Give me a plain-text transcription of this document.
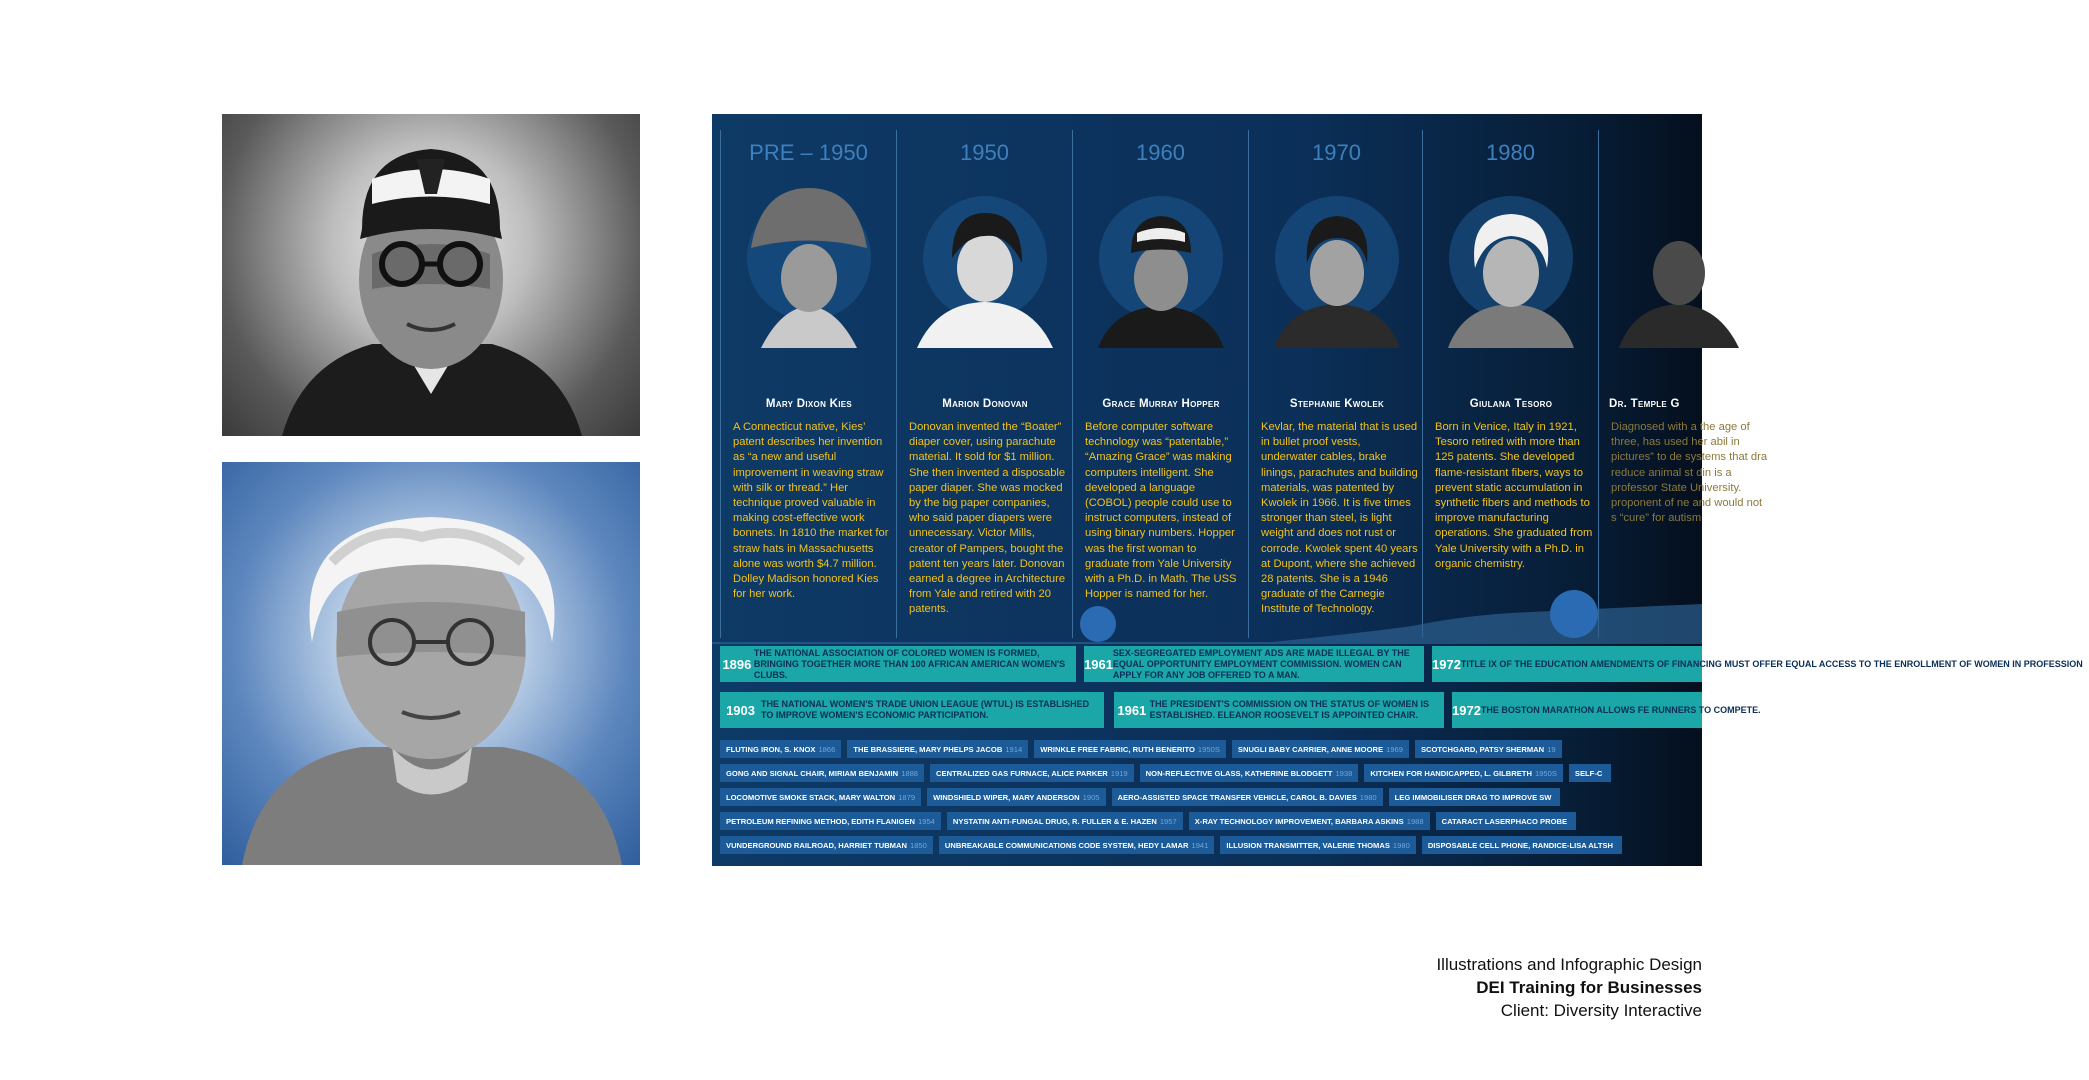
PRE – 1950
Mary Dixon Kies
A Connecticut native, Kies’ patent describes her invention as “a new and useful improvement in weaving straw with silk or thread.” Her technique proved valuable in making cost-effective work bonnets. In 1810 the market for straw hats in Massachusetts alone was worth $4.7 million. Dolley Madison honored Kies for her work.
1950
Marion Donovan
Donovan invented the “Boater” diaper cover, using parachute material. It sold for $1 million. She then invented a disposable paper diaper. She was mocked by the big paper companies, who said paper diapers were unnecessary. Victor Mills, creator of Pampers, bought the patent ten years later. Donovan earned a degree in Architecture from Yale and retired with 20 patents.
1960
Grace Murray Hopper
Before computer software technology was “patentable,” “Amazing Grace” was making computers intelligent. She developed a language (COBOL) people could use to instruct computers, instead of using binary numbers. Hopper was the first woman to graduate from Yale University with a Ph.D. in Math. The USS Hopper is named for her.
1970
Stephanie Kwolek
Kevlar, the material that is used in bullet proof vests, underwater cables, brake linings, parachutes and building materials, was patented by Kwolek in 1966. It is five times stronger than steel, is light weight and does not rust or corrode. Kwolek spent 40 years at Dupont, where she achieved 28 patents. She is a 1946 graduate of the Carnegie Institute of Technology.
1980
Giulana Tesoro
Born in Venice, Italy in 1921, Tesoro retired with more than 125 patents. She developed flame-resistant fibers, ways to prevent static accumulation in synthetic fibers and methods to improve manufacturing operations. She graduated from Yale University with a Ph.D. in organic chemistry.
Dr. Temple G
Diagnosed with a the age of three, has used her abil in pictures” to de systems that dra reduce animal st din is a professor State University. proponent of ne and would not s “cure” for autism
1896
THE NATIONAL ASSOCIATION OF COLORED WOMEN IS FORMED, BRINGING TOGETHER MORE THAN 100 AFRICAN AMERICAN WOMEN'S CLUBS.
1961
SEX-SEGREGATED EMPLOYMENT ADS ARE MADE ILLEGAL BY THE EQUAL OPPORTUNITY EMPLOYMENT COMMISSION. WOMEN CAN APPLY FOR ANY JOB OFFERED TO A MAN.
1972 TITLE IX OF THE EDUCATION AMENDMENTS OF FINANCING MUST OFFER EQUAL ACCESS TO THE ENROLLMENT OF WOMEN IN PROFESSION
1903 THE NATIONAL WOMEN'S TRADE UNION LEAGUE (WTUL) IS ESTABLISHED TO IMPROVE WOMEN'S ECONOMIC PARTICIPATION.	1961 THE PRESIDENT'S COMMISSION ON THE STATUS OF WOMEN IS ESTABLISHED. ELEANOR ROOSEVELT IS APPOINTED CHAIR.	1972 THE BOSTON MARATHON ALLOWS FE RUNNERS TO COMPETE.
FLUTING IRON, S. KNOX 1866 THE BRASSIERE, MARY PHELPS JACOB 1914 WRINKLE FREE FABRIC, RUTH BENERITO 1950S SNUGLI BABY CARRIER, ANNE MOORE 1969 SCOTCHGARD, PATSY SHERMAN 19
GONG AND SIGNAL CHAIR, MIRIAM BENJAMIN 1888 CENTRALIZED GAS FURNACE, ALICE PARKER 1919 NON-REFLECTIVE GLASS, KATHERINE BLODGETT 1938 KITCHEN FOR HANDICAPPED, L. GILBRETH 1950S SELF-C
LOCOMOTIVE SMOKE STACK, MARY WALTON 1879 WINDSHIELD WIPER, MARY ANDERSON 1905 AERO-ASSISTED SPACE TRANSFER VEHICLE, CAROL B. DAVIES 1980 LEG IMMOBILISER DRAG TO IMPROVE SW
PETROLEUM REFINING METHOD, EDITH FLANIGEN 1954 NYSTATIN ANTI-FUNGAL DRUG, R. FULLER & E. HAZEN 1957 X-RAY TECHNOLOGY IMPROVEMENT, BARBARA ASKINS 1988 CATARACT LASERPHACO PROBE
VUNDERGROUND RAILROAD, HARRIET TUBMAN 1850 UNBREAKABLE COMMUNICATIONS CODE SYSTEM, HEDY LAMAR 1941 ILLUSION TRANSMITTER, VALERIE THOMAS 1980 DISPOSABLE CELL PHONE, RANDICE-LISA ALTSH
Illustrations and Infographic Design
DEI Training for Businesses
Client: Diversity Interactive
